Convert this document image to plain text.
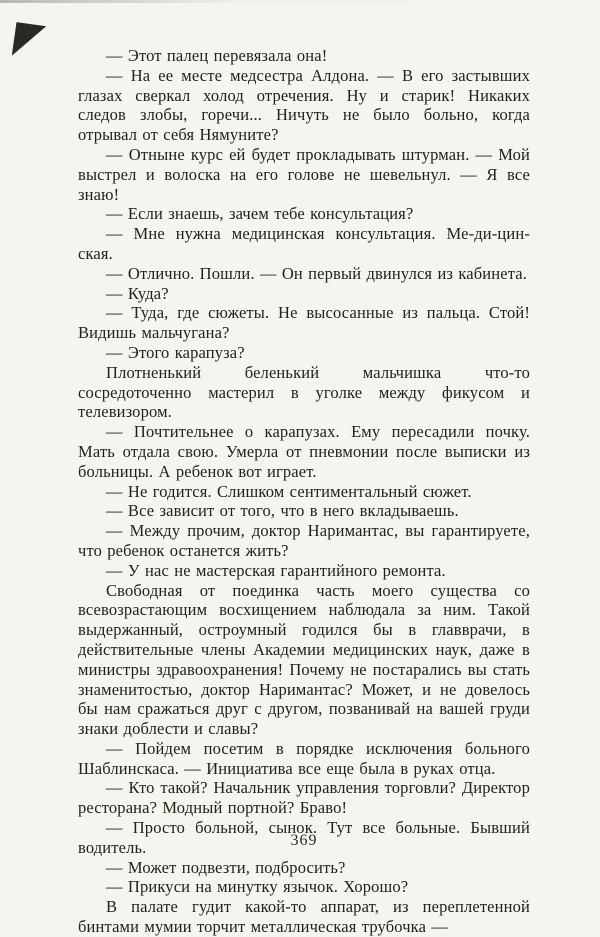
— Этот палец перевязала она!

— На ее месте медсестра Алдона. — В его застывших глазах сверкал холод отречения. Ну и старик! Никаких следов злобы, горечи... Ничуть не было больно, когда отрывал от себя Нямуните?

— Отныне курс ей будет прокладывать штурман. — Мой выстрел и волоска на его голове не шевельнул. — Я все знаю!

— Если знаешь, зачем тебе консультация?

— Мне нужна медицинская консультация. Ме-ди-цин-ская.

— Отлично. Пошли. — Он первый двинулся из кабинета.

— Куда?

— Туда, где сюжеты. Не высосанные из пальца. Стой! Видишь мальчугана?

— Этого карапуза?

Плотненький беленький мальчишка что-то сосредоточенно мастерил в уголке между фикусом и телевизором.

— Почтительнее о карапузах. Ему пересадили почку. Мать отдала свою. Умерла от пневмонии после выписки из больницы. А ребенок вот играет.

— Не годится. Слишком сентиментальный сюжет.

— Все зависит от того, что в него вкладываешь.

— Между прочим, доктор Наримантас, вы гарантируете, что ребенок останется жить?

— У нас не мастерская гарантийного ремонта.

Свободная от поединка часть моего существа со всевозрастающим восхищением наблюдала за ним. Такой выдержанный, остроумный годился бы в главврачи, в действительные члены Академии медицинских наук, даже в министры здравоохранения! Почему не постарались вы стать знаменитостью, доктор Наримантас? Может, и не довелось бы нам сражаться друг с другом, позванивай на вашей груди знаки доблести и славы?

— Пойдем посетим в порядке исключения больного Шаблинскаса. — Инициатива все еще была в руках отца.

— Кто такой? Начальник управления торговли? Директор ресторана? Модный портной? Браво!

— Просто больной, сынок. Тут все больные. Бывший водитель.

— Может подвезти, подбросить?

— Прикуси на минутку язычок. Хорошо?

В палате гудит какой-то аппарат, из переплетенной бинтами мумии торчит металлическая трубочка —

369
